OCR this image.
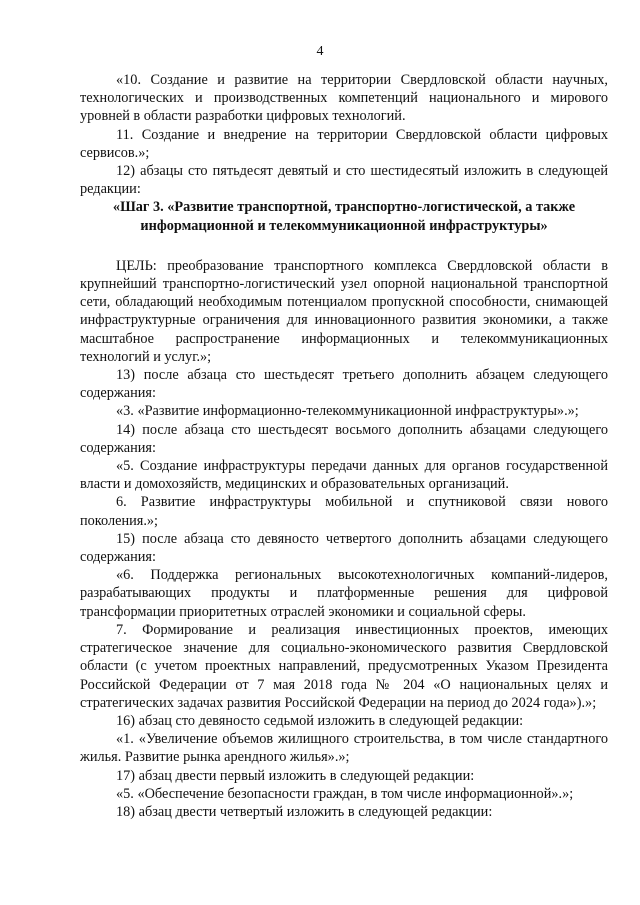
4

«10. Создание и развитие на территории Свердловской области научных, технологических и производственных компетенций национального и мирового уровней в области разработки цифровых технологий.

11. Создание и внедрение на территории Свердловской области цифровых сервисов.»;

12) абзацы сто пятьдесят девятый и сто шестидесятый изложить в следующей редакции:

«Шаг 3. «Развитие транспортной, транспортно-логистической, а также информационной и телекоммуникационной инфраструктуры»

ЦЕЛЬ: преобразование транспортного комплекса Свердловской области в крупнейший транспортно-логистический узел опорной национальной транспортной сети, обладающий необходимым потенциалом пропускной способности, снимающей инфраструктурные ограничения для инновационного развития экономики, а также масштабное распространение информационных и телекоммуникационных технологий и услуг.»;

13) после абзаца сто шестьдесят третьего дополнить абзацем следующего содержания:

«3. «Развитие информационно-телекоммуникационной инфраструктуры».»;

14) после абзаца сто шестьдесят восьмого дополнить абзацами следующего содержания:

«5. Создание инфраструктуры передачи данных для органов государственной власти и домохозяйств, медицинских и образовательных организаций.

6. Развитие инфраструктуры мобильной и спутниковой связи нового поколения.»;

15) после абзаца сто девяносто четвертого дополнить абзацами следующего содержания:

«6. Поддержка региональных высокотехнологичных компаний-лидеров, разрабатывающих продукты и платформенные решения для цифровой трансформации приоритетных отраслей экономики и социальной сферы.

7. Формирование и реализация инвестиционных проектов, имеющих стратегическое значение для социально-экономического развития Свердловской области (с учетом проектных направлений, предусмотренных Указом Президента Российской Федерации от 7 мая 2018 года № 204 «О национальных целях и стратегических задачах развития Российской Федерации на период до 2024 года»).»;

16) абзац сто девяносто седьмой изложить в следующей редакции:

«1. «Увеличение объемов жилищного строительства, в том числе стандартного жилья. Развитие рынка арендного жилья».»;

17) абзац двести первый изложить в следующей редакции:

«5. «Обеспечение безопасности граждан, в том числе информационной».»;

18) абзац двести четвертый изложить в следующей редакции:
